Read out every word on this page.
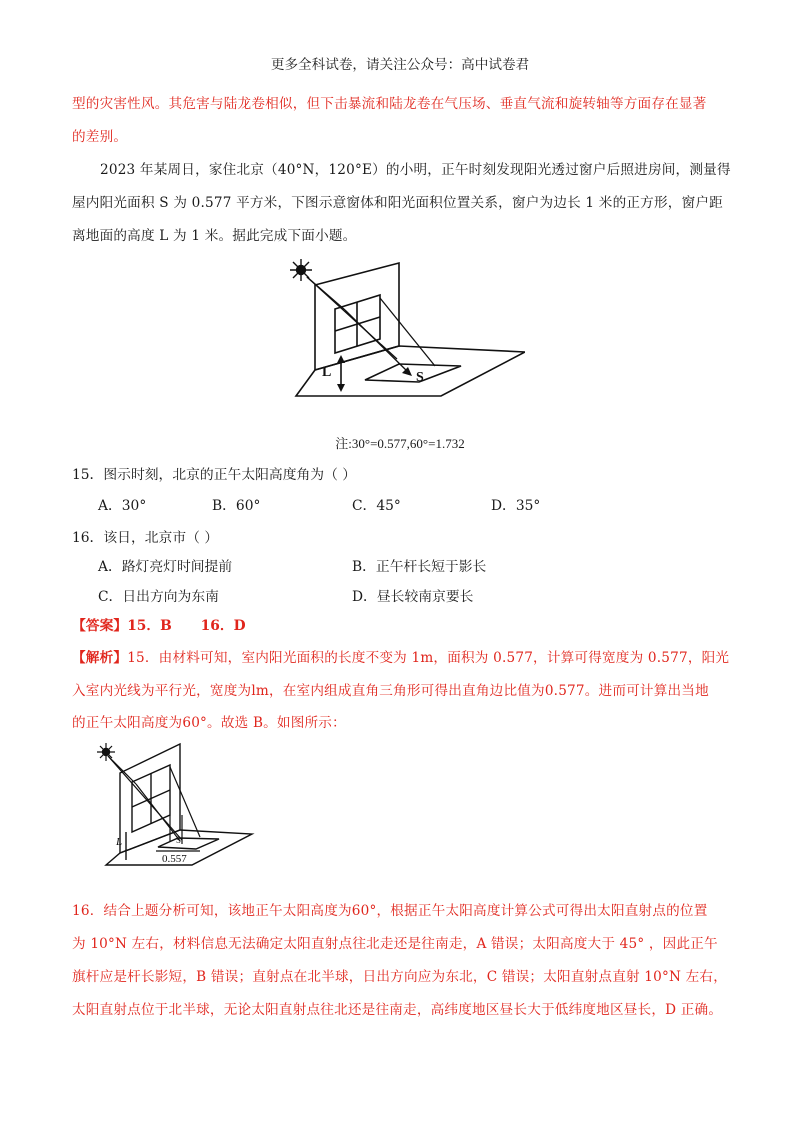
更多全科试卷，请关注公众号：高中试卷君
型的灾害性风。其危害与陆龙卷相似，但下击暴流和陆龙卷在气压场、垂直气流和旋转轴等方面存在显著
的差别。
2023 年某周日，家住北京（40°N，120°E）的小明，正午时刻发现阳光透过窗户后照进房间，测量得
屋内阳光面积 S 为 0.577 平方米，下图示意窗体和阳光面积位置关系，窗户为边长 1 米的正方形，窗户距
离地面的高度 L 为 1 米。据此完成下面小题。
L	S
注:30°=0.577,60°=1.732
15．图示时刻，北京的正午太阳高度角为（ ）
A．30°	B．60°	C．45°	D．35°
16．该日，北京市（ ）
A．路灯亮灯时间提前	B．正午杆长短于影长
C．日出方向为东南	D．昼长较南京要长
【答案】15．B      16．D
【解析】15．由材料可知，室内阳光面积的长度不变为 1m，面积为 0.577，计算可得宽度为 0.577，阳光
入室内光线为平行光，宽度为lm，在室内组成直角三角形可得出直角边比值为0.577。进而可计算出当地
的正午太阳高度为60°。故选 B。如图所示：
L	S
0.557
16．结合上题分析可知，该地正午太阳高度为60°，根据正午太阳高度计算公式可得出太阳直射点的位置
为 10°N 左右，材料信息无法确定太阳直射点往北走还是往南走，A 错误；太阳高度大于 45° ，因此正午
旗杆应是杆长影短，B 错误；直射点在北半球，日出方向应为东北，C 错误；太阳直射点直射 10°N 左右，
太阳直射点位于北半球，无论太阳直射点往北还是往南走，高纬度地区昼长大于低纬度地区昼长，D 正确。
